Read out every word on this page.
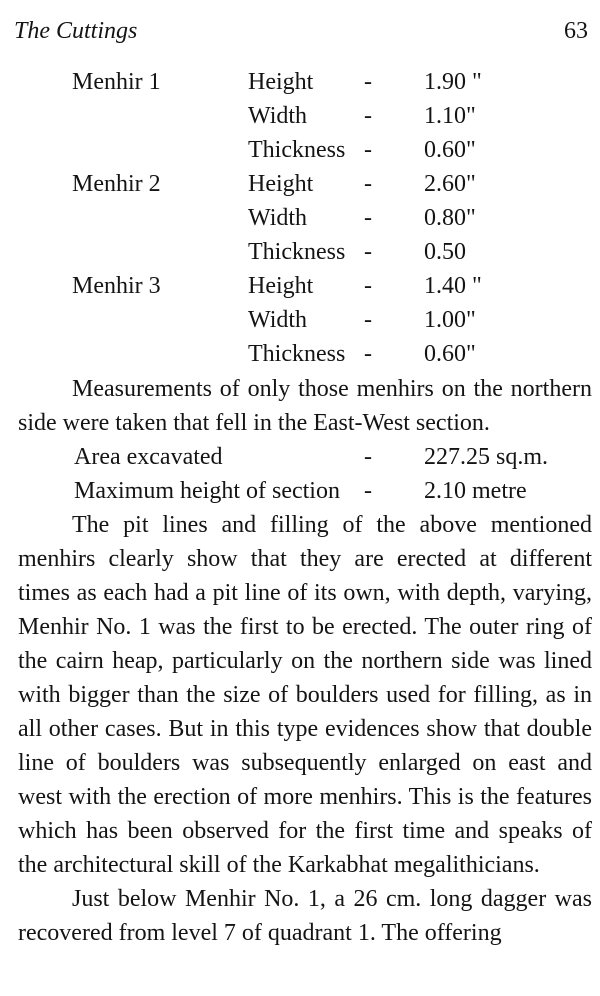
The Cuttings	63
Menhir 1	Height - 1.90 "
Width - 1.10"
Thickness - 0.60"
Menhir 2	Height - 2.60"
Width - 0.80"
Thickness - 0.50
Menhir 3	Height - 1.40 "
Width - 1.00"
Thickness - 0.60"

Measurements of only those menhirs on the northern side were taken that fell in the East-West section.

Area excavated	- 227.25 sq.m.
Maximum height of section - 2.10 metre

The pit lines and filling of the above mentioned menhirs clearly show that they are erected at different times as each had a pit line of its own, with depth, varying, Menhir No. 1 was the first to be erected. The outer ring of the cairn heap, particularly on the northern side was lined with bigger than the size of boulders used for filling, as in all other cases. But in this type evidences show that double line of boulders was subsequently enlarged on east and west with the erection of more menhirs. This is the features which has been observed for the first time and speaks of the architectural skill of the Karkabhat megalithicians.

Just below Menhir No. 1, a 26 cm. long dagger was recovered from level 7 of quadrant 1. The offering
